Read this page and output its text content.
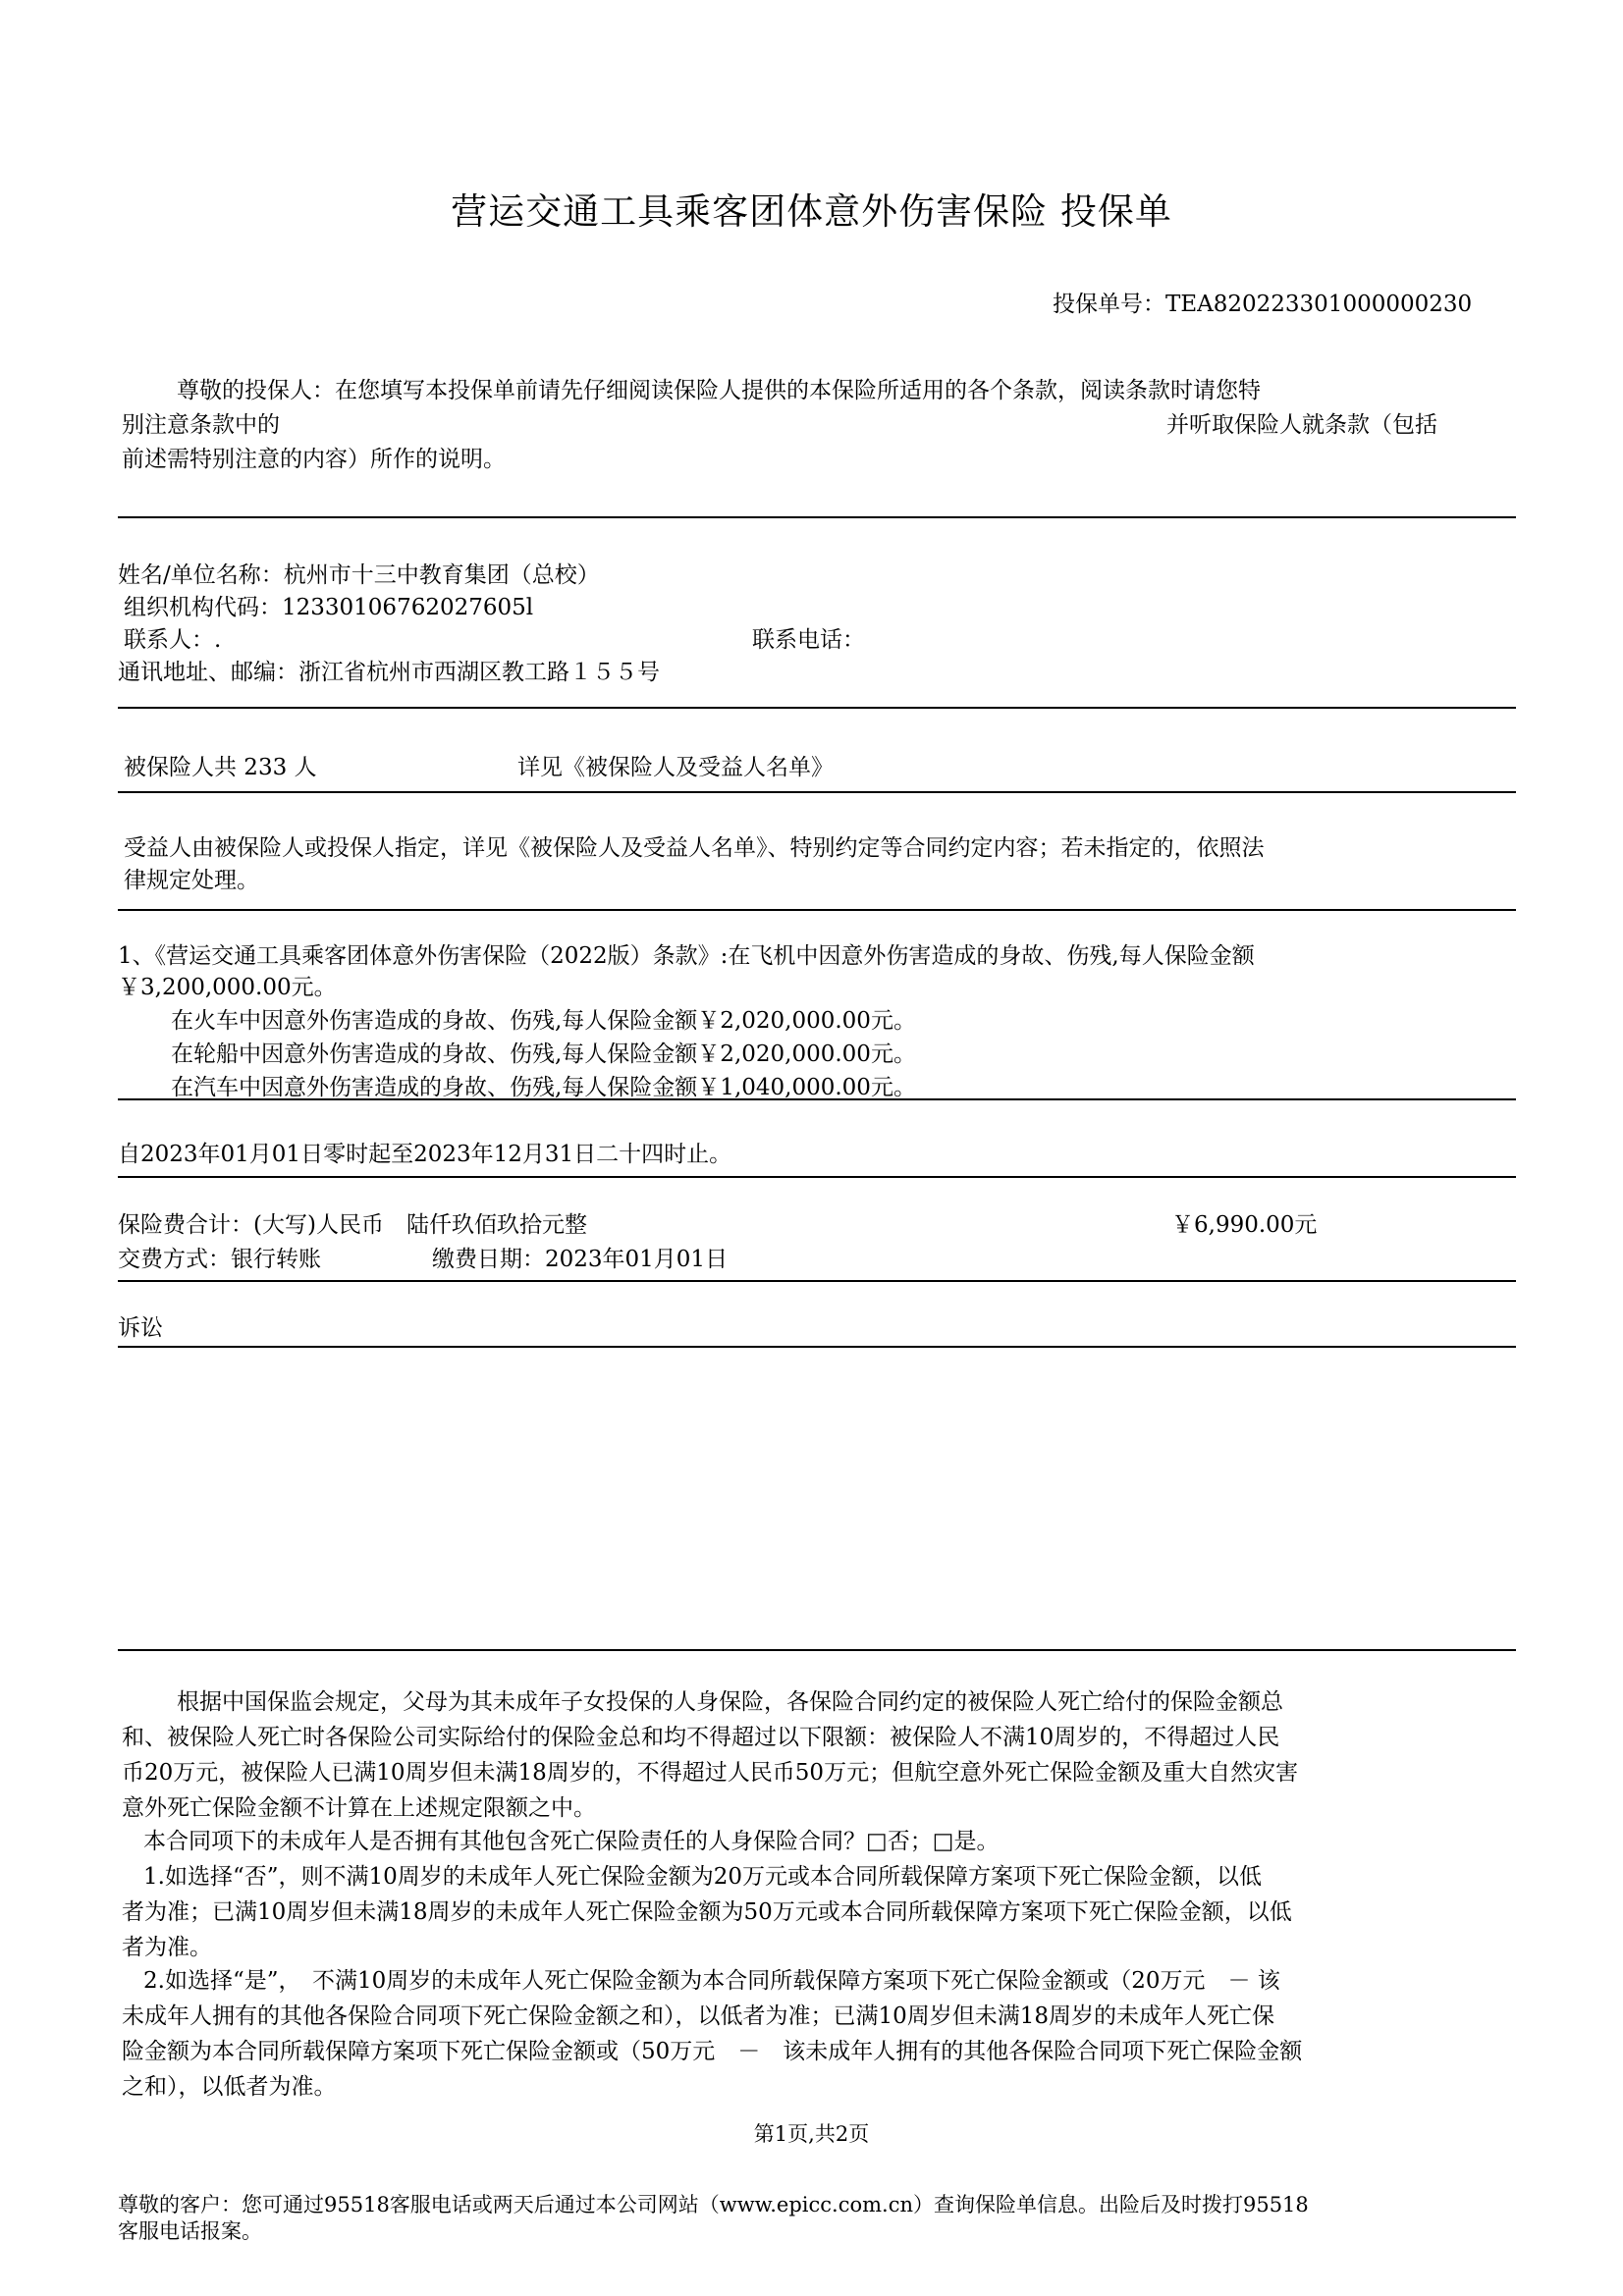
营运交通工具乘客团体意外伤害保险 投保单
投保单号：TEA820223301000000230
尊敬的投保人：在您填写本投保单前请先仔细阅读保险人提供的本保险所适用的各个条款，阅读条款时请您特
别注意条款中的	并听取保险人就条款（包括
前述需特别注意的内容）所作的说明。
姓名/单位名称：杭州市十三中教育集团（总校）
组织机构代码：12330106762027605l
联系人：.	联系电话：
通讯地址、邮编：浙江省杭州市西湖区教工路１５５号
被保险人共 233 人	详见《被保险人及受益人名单》
受益人由被保险人或投保人指定，详见《被保险人及受益人名单》、特别约定等合同约定内容；若未指定的，依照法
律规定处理。
1、《营运交通工具乘客团体意外伤害保险（2022版）条款》:在飞机中因意外伤害造成的身故、伤残,每人保险金额
￥3,200,000.00元。
在火车中因意外伤害造成的身故、伤残,每人保险金额￥2,020,000.00元。
在轮船中因意外伤害造成的身故、伤残,每人保险金额￥2,020,000.00元。
在汽车中因意外伤害造成的身故、伤残,每人保险金额￥1,040,000.00元。
自2023年01月01日零时起至2023年12月31日二十四时止。
保险费合计：(大写)人民币　陆仟玖佰玖拾元整	￥6,990.00元
交费方式：银行转账	缴费日期：2023年01月01日
诉讼
根据中国保监会规定，父母为其未成年子女投保的人身保险，各保险合同约定的被保险人死亡给付的保险金额总
和、被保险人死亡时各保险公司实际给付的保险金总和均不得超过以下限额：被保险人不满10周岁的，不得超过人民
币20万元，被保险人已满10周岁但未满18周岁的，不得超过人民币50万元；但航空意外死亡保险金额及重大自然灾害
意外死亡保险金额不计算在上述规定限额之中。
本合同项下的未成年人是否拥有其他包含死亡保险责任的人身保险合同？□否；□是。
1.如选择“否”，则不满10周岁的未成年人死亡保险金额为20万元或本合同所载保障方案项下死亡保险金额，以低
者为准；已满10周岁但未满18周岁的未成年人死亡保险金额为50万元或本合同所载保障方案项下死亡保险金额，以低
者为准。
2.如选择“是”，　不满10周岁的未成年人死亡保险金额为本合同所载保障方案项下死亡保险金额或（20万元　－ 该
未成年人拥有的其他各保险合同项下死亡保险金额之和），以低者为准；已满10周岁但未满18周岁的未成年人死亡保
险金额为本合同所载保障方案项下死亡保险金额或（50万元　－　该未成年人拥有的其他各保险合同项下死亡保险金额
之和），以低者为准。
第1页,共2页
尊敬的客户：您可通过95518客服电话或两天后通过本公司网站（www.epicc.com.cn）查询保险单信息。出险后及时拨打95518
客服电话报案。
